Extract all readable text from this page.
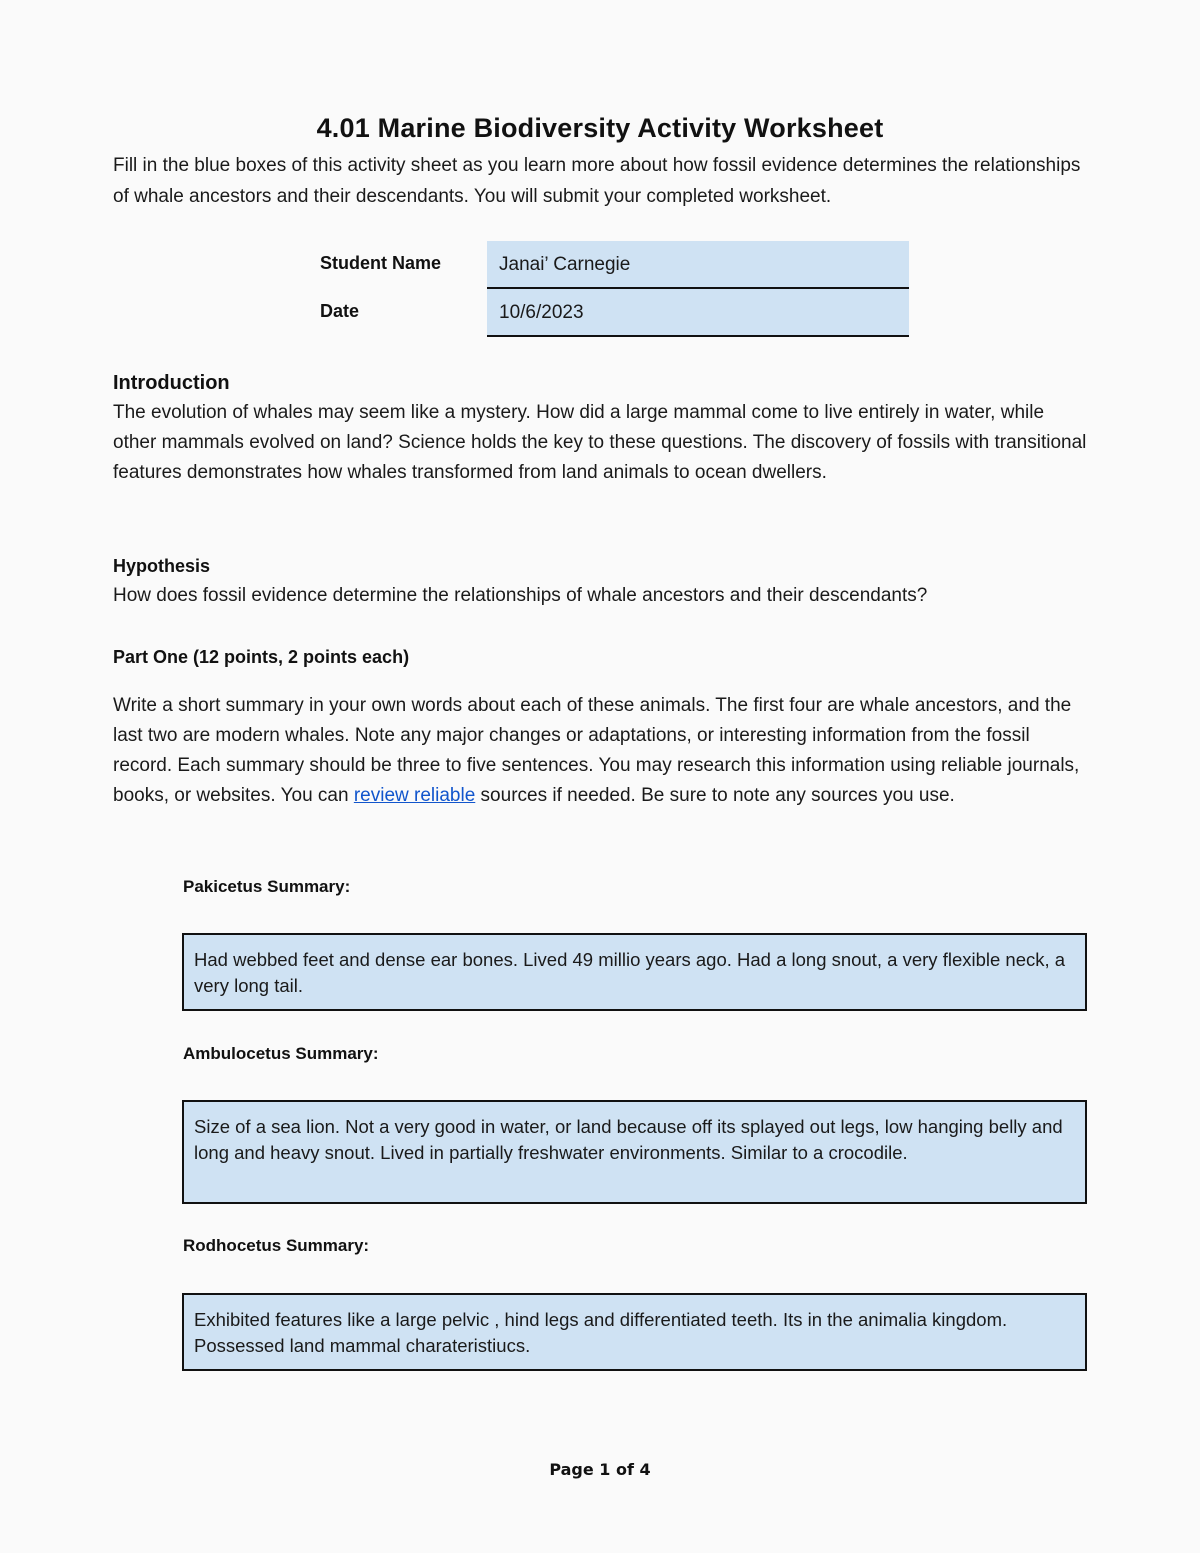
4.01 Marine Biodiversity Activity Worksheet
Fill in the blue boxes of this activity sheet as you learn more about how fossil evidence determines the relationships of whale ancestors and their descendants. You will submit your completed worksheet.
Student Name	Janai’ Carnegie
Date	10/6/2023
Introduction
The evolution of whales may seem like a mystery. How did a large mammal come to live entirely in water, while other mammals evolved on land? Science holds the key to these questions. The discovery of fossils with transitional features demonstrates how whales transformed from land animals to ocean dwellers.
Hypothesis
How does fossil evidence determine the relationships of whale ancestors and their descendants?
Part One (12 points, 2 points each)
Write a short summary in your own words about each of these animals. The first four are whale ancestors, and the last two are modern whales. Note any major changes or adaptations, or interesting information from the fossil record. Each summary should be three to five sentences. You may research this information using reliable journals, books, or websites. You can review reliable sources if needed. Be sure to note any sources you use.
Pakicetus Summary:
Had webbed feet and dense ear bones. Lived 49 millio years ago. Had a long snout, a very flexible neck, a very long tail.
Ambulocetus Summary:
Size of a sea lion. Not a very good in water, or land because off its splayed out legs, low hanging belly and long and heavy snout. Lived in partially freshwater environments. Similar to a crocodile.
Rodhocetus Summary:
Exhibited features like a large pelvic , hind legs and differentiated teeth. Its in the animalia kingdom. Possessed land mammal charateristiucs.
Page 1 of 4
